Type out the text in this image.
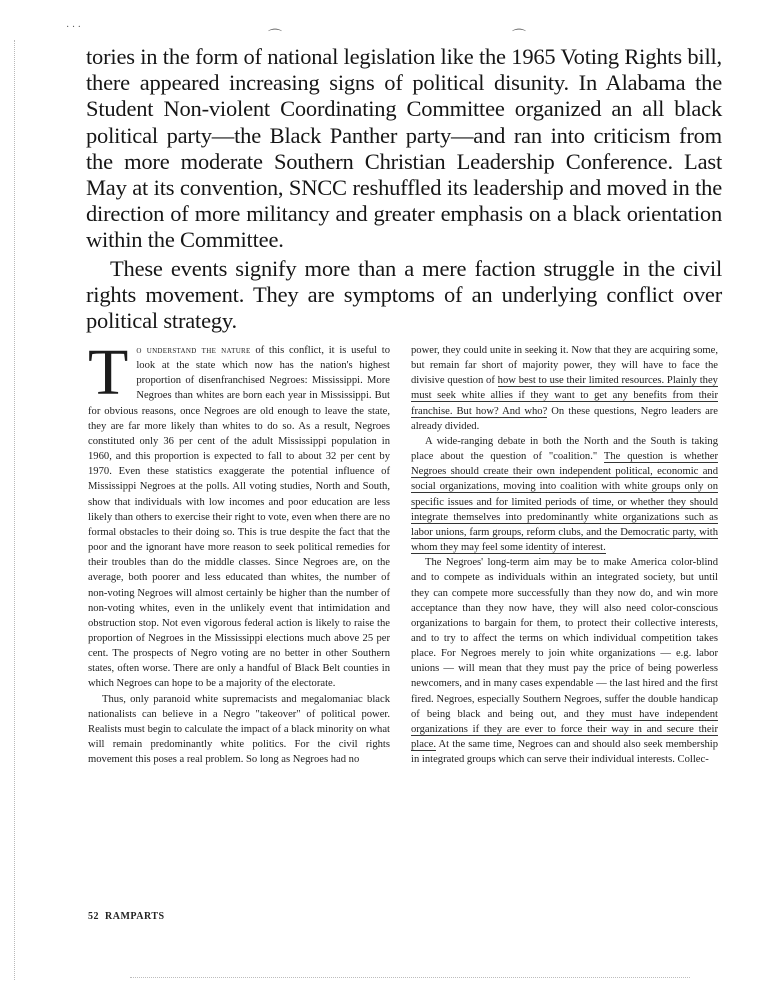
· · ·
⌒	⌒

tories in the form of national legislation like the 1965 Voting Rights bill, there appeared increasing signs of political disunity. In Alabama the Student Non-violent Coordinating Committee organized an all black political party—the Black Panther party—and ran into criticism from the more moderate Southern Christian Leadership Conference. Last May at its convention, SNCC reshuffled its leadership and moved in the direction of more militancy and greater emphasis on a black orientation within the Committee.

These events signify more than a mere faction struggle in the civil rights movement. They are symptoms of an underlying conflict over political strategy.

To understand the nature of this conflict, it is useful to look at the state which now has the nation's highest proportion of disenfranchised Negroes: Mississippi. More Negroes than whites are born each year in Mississippi. But for obvious reasons, once Negroes are old enough to leave the state, they are far more likely than whites to do so. As a result, Negroes constituted only 36 per cent of the adult Mississippi population in 1960, and this proportion is expected to fall to about 32 per cent by 1970. Even these statistics exaggerate the potential influence of Mississippi Negroes at the polls. All voting studies, North and South, show that individuals with low incomes and poor education are less likely than others to exercise their right to vote, even when there are no formal obstacles to their doing so. This is true despite the fact that the poor and the ignorant have more reason to seek political remedies for their troubles than do the middle classes. Since Negroes are, on the average, both poorer and less educated than whites, the number of non-voting Negroes will almost certainly be higher than the number of non-voting whites, even in the unlikely event that intimidation and obstruction stop. Not even vigorous federal action is likely to raise the proportion of Negroes in the Mississippi elections much above 25 per cent. The prospects of Negro voting are no better in other Southern states, often worse. There are only a handful of Black Belt counties in which Negroes can hope to be a majority of the electorate.

Thus, only paranoid white supremacists and megalomaniac black nationalists can believe in a Negro "takeover" of political power. Realists must begin to calculate the impact of a black minority on what will remain predominantly white politics. For the civil rights movement this poses a real problem. So long as Negroes had no

power, they could unite in seeking it. Now that they are acquiring some, but remain far short of majority power, they will have to face the divisive question of how best to use their limited resources. Plainly they must seek white allies if they want to get any benefits from their franchise. But how? And who? On these questions, Negro leaders are already divided.

A wide-ranging debate in both the North and the South is taking place about the question of "coalition." The question is whether Negroes should create their own independent political, economic and social organizations, moving into coalition with white groups only on specific issues and for limited periods of time, or whether they should integrate themselves into predominantly white organizations such as labor unions, farm groups, reform clubs, and the Democratic party, with whom they may feel some identity of interest.

The Negroes' long-term aim may be to make America color-blind and to compete as individuals within an integrated society, but until they can compete more successfully than they now do, and win more acceptance than they now have, they will also need color-conscious organizations to bargain for them, to protect their collective interests, and to try to affect the terms on which individual competition takes place. For Negroes merely to join white organizations — e.g. labor unions — will mean that they must pay the price of being powerless newcomers, and in many cases expendable — the last hired and the first fired. Negroes, especially Southern Negroes, suffer the double handicap of being black and being out, and they must have independent organizations if they are ever to force their way in and secure their place. At the same time, Negroes can and should also seek membership in integrated groups which can serve their individual interests. Collec-

52 RAMPARTS
